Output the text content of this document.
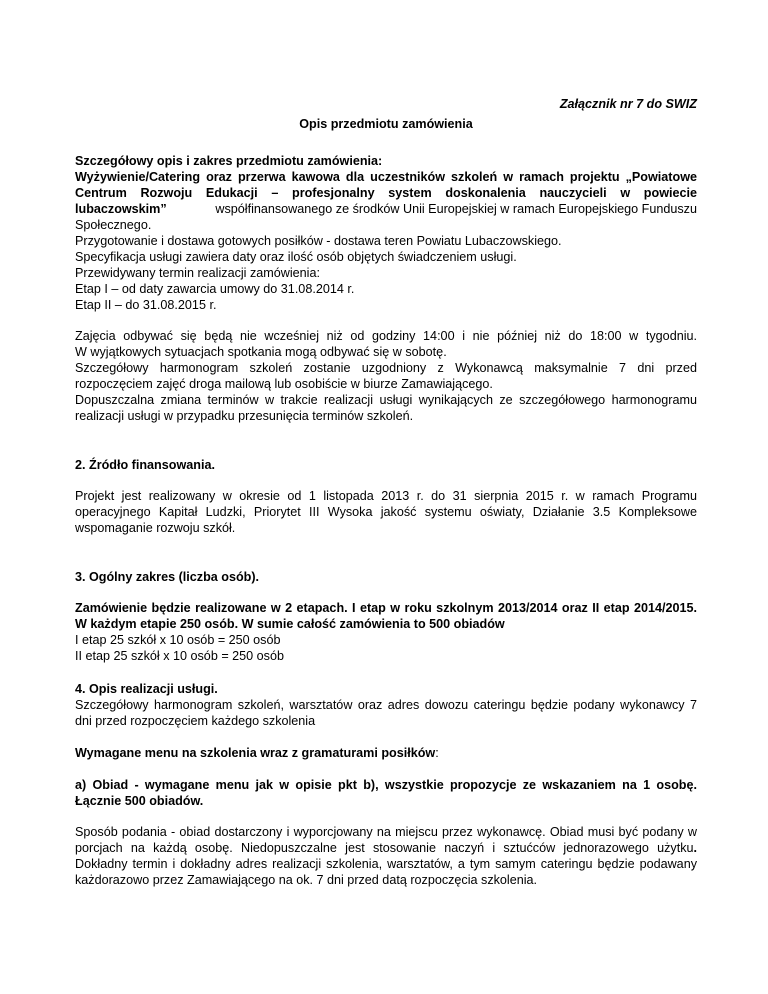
Załącznik nr 7 do SWIZ
Opis przedmiotu zamówienia
Szczegółowy opis i zakres przedmiotu zamówienia:
Wyżywienie/Catering oraz przerwa kawowa dla uczestników szkoleń w ramach projektu „Powiatowe
Centrum Rozwoju Edukacji – profesjonalny system doskonalenia nauczycieli w powiecie
lubaczowskim”	współfinansowanego ze środków Unii Europejskiej w ramach Europejskiego Funduszu
Społecznego.
Przygotowanie i dostawa gotowych posiłków - dostawa teren Powiatu Lubaczowskiego.
Specyfikacja usługi zawiera daty oraz ilość osób objętych świadczeniem usługi.
Przewidywany termin realizacji zamówienia:
Etap I – od daty zawarcia umowy do 31.08.2014 r.
Etap II – do 31.08.2015 r.
Zajęcia odbywać się będą nie wcześniej niż od godziny 14:00 i nie później niż do 18:00 w tygodniu.
W wyjątkowych sytuacjach spotkania mogą odbywać się w sobotę.
Szczegółowy harmonogram szkoleń zostanie uzgodniony z Wykonawcą maksymalnie 7 dni przed
rozpoczęciem zajęć droga mailową lub osobiście w biurze Zamawiającego.
Dopuszczalna zmiana terminów w trakcie realizacji usługi wynikających ze szczegółowego harmonogramu
realizacji usługi w przypadku przesunięcia terminów szkoleń.
2. Źródło finansowania.
Projekt jest realizowany w okresie od 1 listopada 2013 r. do 31 sierpnia 2015 r. w ramach Programu
operacyjnego Kapitał Ludzki, Priorytet III Wysoka jakość systemu oświaty, Działanie 3.5 Kompleksowe
wspomaganie rozwoju szkół.
3. Ogólny zakres (liczba osób).
Zamówienie będzie realizowane w 2 etapach. I etap w roku szkolnym 2013/2014 oraz II etap 2014/2015.
W każdym etapie 250 osób. W sumie całość zamówienia to 500 obiadów
I etap 25 szkół x 10 osób = 250 osób
II etap 25 szkół x 10 osób = 250 osób
4. Opis realizacji usługi.
Szczegółowy harmonogram szkoleń, warsztatów oraz adres dowozu cateringu będzie podany wykonawcy 7
dni przed rozpoczęciem każdego szkolenia
Wymagane menu na szkolenia wraz z gramaturami posiłków:
a) Obiad - wymagane menu jak w opisie pkt b), wszystkie propozycje ze wskazaniem na 1 osobę.
Łącznie 500 obiadów.
Sposób podania - obiad dostarczony i wyporcjowany na miejscu przez wykonawcę. Obiad musi być podany w
porcjach na każdą osobę. Niedopuszczalne jest stosowanie naczyń i sztućców jednorazowego użytku .
Dokładny termin i dokładny adres realizacji szkolenia, warsztatów, a tym samym cateringu będzie podawany
każdorazowo przez Zamawiającego na ok. 7 dni przed datą rozpoczęcia szkolenia.
